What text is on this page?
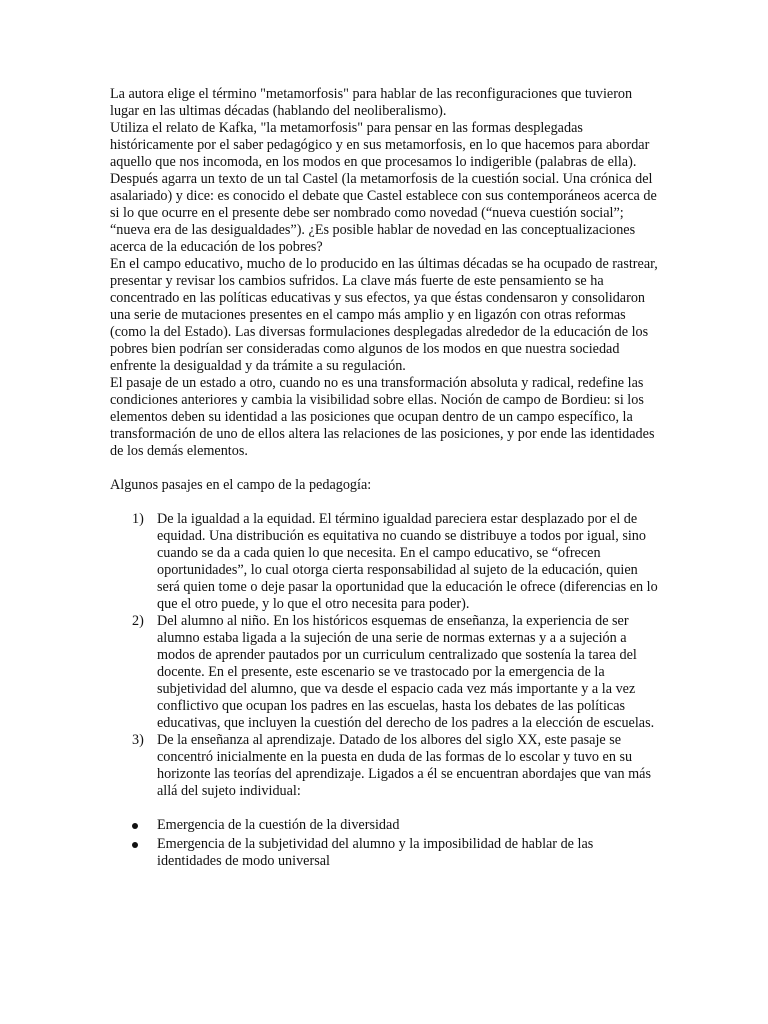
La autora elige el término "metamorfosis" para hablar de las reconfiguraciones que tuvieron lugar en las ultimas décadas (hablando del neoliberalismo).

Utiliza el relato de Kafka, "la metamorfosis" para pensar en las formas desplegadas históricamente por el saber pedagógico y en sus metamorfosis, en lo que hacemos para abordar aquello que nos incomoda, en los modos en que procesamos lo indigerible (palabras de ella).

Después agarra un texto de un tal Castel (la metamorfosis de la cuestión social. Una crónica del asalariado) y dice: es conocido el debate que Castel establece con sus contemporáneos acerca de si lo que ocurre en el presente debe ser nombrado como novedad (“nueva cuestión social”; “nueva era de las desigualdades”). ¿Es posible hablar de novedad en las conceptualizaciones acerca de la educación de los pobres?

En el campo educativo, mucho de lo producido en las últimas décadas se ha ocupado de rastrear, presentar y revisar los cambios sufridos. La clave más fuerte de este pensamiento se ha concentrado en las políticas educativas y sus efectos, ya que éstas condensaron y consolidaron una serie de mutaciones presentes en el campo más amplio y en ligazón con otras reformas (como la del Estado). Las diversas formulaciones desplegadas alrededor de la educación de los pobres bien podrían ser consideradas como algunos de los modos en que nuestra sociedad enfrente la desigualdad y da trámite a su regulación.

El pasaje de un estado a otro, cuando no es una transformación absoluta y radical, redefine las condiciones anteriores y cambia la visibilidad sobre ellas. Noción de campo de Bordieu: si los elementos deben su identidad a las posiciones que ocupan dentro de un campo específico, la transformación de uno de ellos altera las relaciones de las posiciones, y por ende las identidades de los demás elementos.

Algunos pasajes en el campo de la pedagogía:

1) De la igualdad a la equidad. El término igualdad pareciera estar desplazado por el de equidad. Una distribución es equitativa no cuando se distribuye a todos por igual, sino cuando se da a cada quien lo que necesita. En el campo educativo, se “ofrecen oportunidades”, lo cual otorga cierta responsabilidad al sujeto de la educación, quien será quien tome o deje pasar la oportunidad que la educación le ofrece (diferencias en lo que el otro puede, y lo que el otro necesita para poder).
2) Del alumno al niño. En los históricos esquemas de enseñanza, la experiencia de ser alumno estaba ligada a la sujeción de una serie de normas externas y a a sujeción a modos de aprender pautados por un curriculum centralizado que sostenía la tarea del docente. En el presente, este escenario se ve trastocado por la emergencia de la subjetividad del alumno, que va desde el espacio cada vez más importante y a la vez conflictivo que ocupan los padres en las escuelas, hasta los debates de las políticas educativas, que incluyen la cuestión del derecho de los padres a la elección de escuelas.
3) De la enseñanza al aprendizaje. Datado de los albores del siglo XX, este pasaje se concentró inicialmente en la puesta en duda de las formas de lo escolar y tuvo en su horizonte las teorías del aprendizaje. Ligados a él se encuentran abordajes que van más allá del sujeto individual:
Emergencia de la cuestión de la diversidad
Emergencia de la subjetividad del alumno y la imposibilidad de hablar de las identidades de modo universal
